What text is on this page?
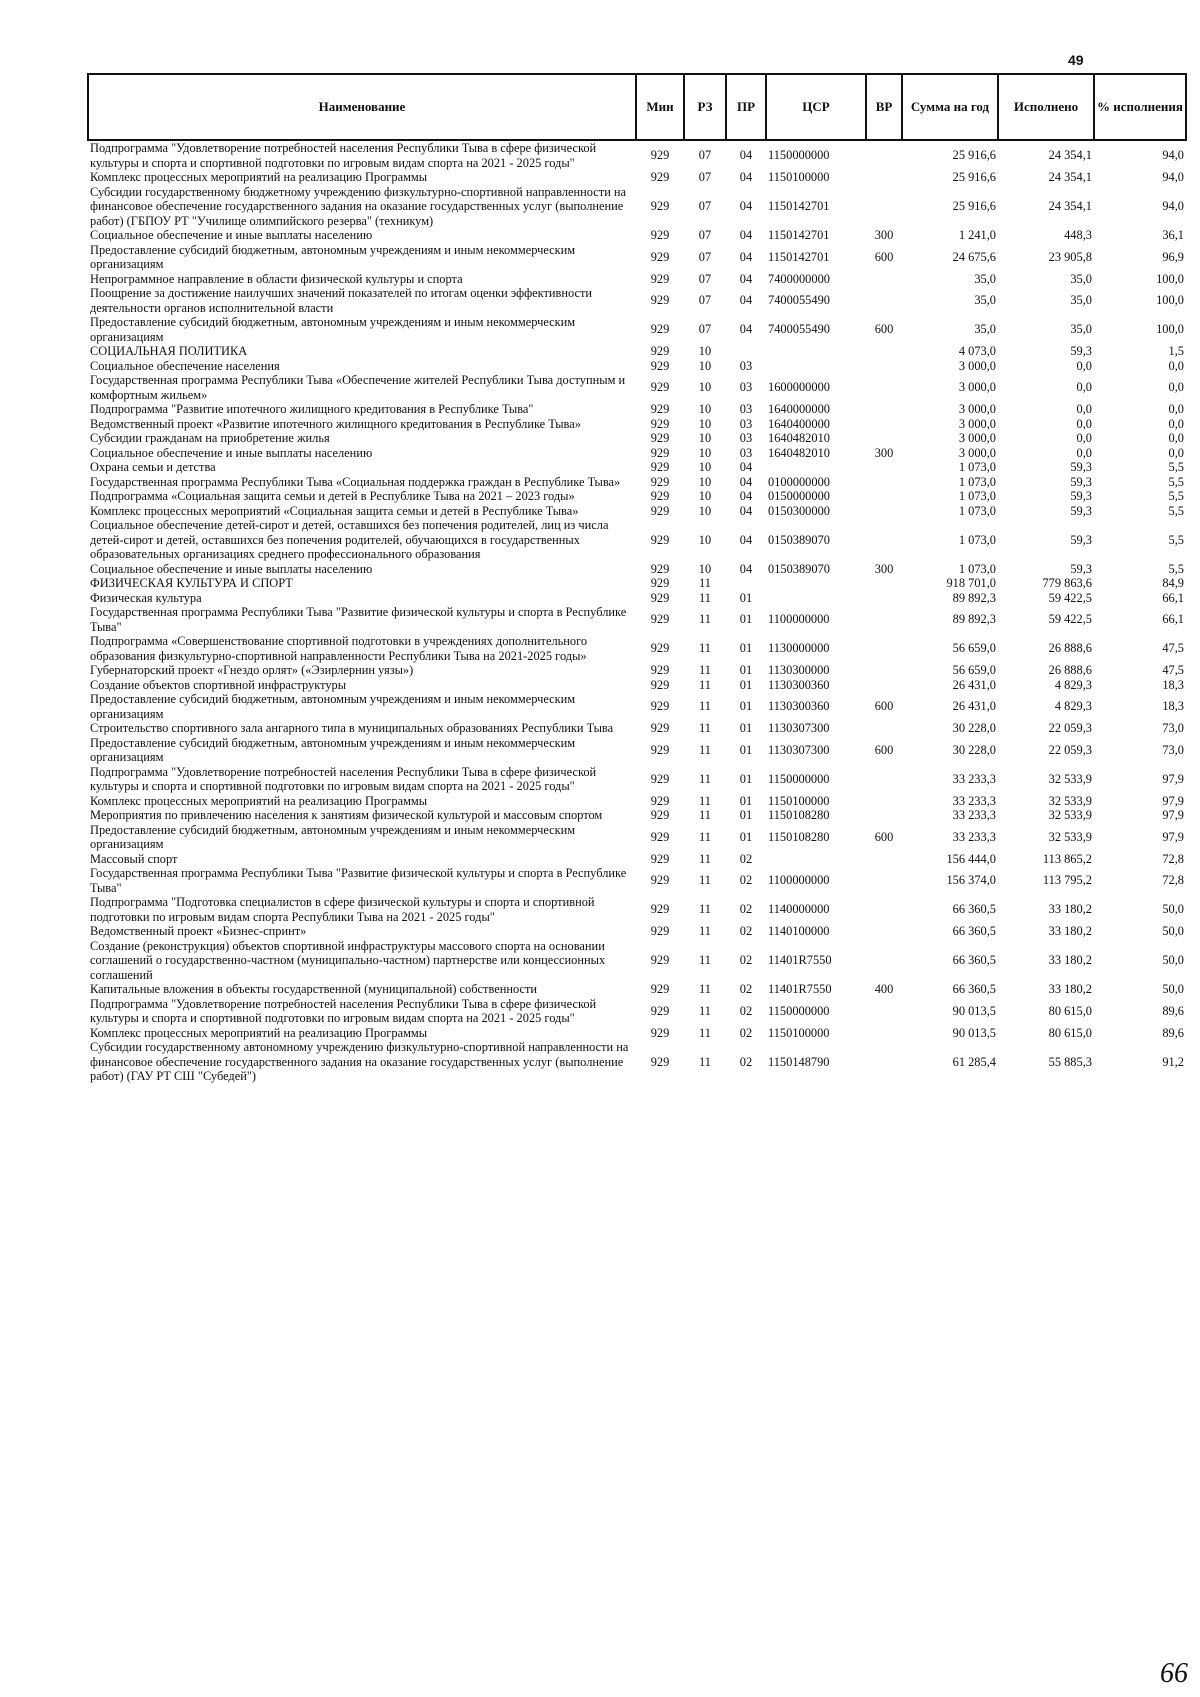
49
Наименование	Мин	РЗ	ПР	ЦСР	ВР	Сумма на год	Исполнено	% исполнения
Подпрограмма "Удовлетворение потребностей населения Республики Тыва в сфере физической культуры и спорта и спортивной подготовки по игровым видам спорта на 2021 - 2025 годы"	929	07	04	1150000000		25 916,6	24 354,1	94,0
Комплекс процессных мероприятий на реализацию Программы	929	07	04	1150100000		25 916,6	24 354,1	94,0
Субсидии государственному бюджетному учреждению физкультурно-спортивной направленности на финансовое обеспечение государственного задания на оказание государственных услуг (выполнение работ) (ГБПОУ РТ "Училище олимпийского резерва" (техникум)	929	07	04	1150142701		25 916,6	24 354,1	94,0
Социальное обеспечение и иные выплаты населению	929	07	04	1150142701	300	1 241,0	448,3	36,1
Предоставление субсидий бюджетным, автономным учреждениям и иным некоммерческим организациям	929	07	04	1150142701	600	24 675,6	23 905,8	96,9
Непрограммное направление в области физической культуры и спорта	929	07	04	7400000000		35,0	35,0	100,0
Поощрение за достижение наилучших значений показателей по итогам оценки эффективности деятельности органов исполнительной власти	929	07	04	7400055490		35,0	35,0	100,0
Предоставление субсидий бюджетным, автономным учреждениям и иным некоммерческим организациям	929	07	04	7400055490	600	35,0	35,0	100,0
СОЦИАЛЬНАЯ ПОЛИТИКА	929	10				4 073,0	59,3	1,5
Социальное обеспечение населения	929	10	03			3 000,0	0,0	0,0
Государственная программа Республики Тыва «Обеспечение жителей Республики Тыва доступным и комфортным жильем»	929	10	03	1600000000		3 000,0	0,0	0,0
Подпрограмма "Развитие ипотечного жилищного кредитования в Республике Тыва"	929	10	03	1640000000		3 000,0	0,0	0,0
Ведомственный проект «Развитие ипотечного жилищного кредитования в Республике Тыва»	929	10	03	1640400000		3 000,0	0,0	0,0
Субсидии гражданам на приобретение жилья	929	10	03	1640482010		3 000,0	0,0	0,0
Социальное обеспечение и иные выплаты населению	929	10	03	1640482010	300	3 000,0	0,0	0,0
Охрана семьи и детства	929	10	04			1 073,0	59,3	5,5
Государственная программа Республики Тыва «Социальная поддержка граждан в Республике Тыва»	929	10	04	0100000000		1 073,0	59,3	5,5
Подпрограмма «Социальная защита семьи и детей в Республике Тыва на 2021 – 2023 годы»	929	10	04	0150000000		1 073,0	59,3	5,5
Комплекс процессных мероприятий «Социальная защита семьи и детей в Республике Тыва»	929	10	04	0150300000		1 073,0	59,3	5,5
Социальное обеспечение детей-сирот и детей, оставшихся без попечения родителей, лиц из числа детей-сирот и детей, оставшихся без попечения родителей, обучающихся в государственных образовательных организациях среднего профессионального образования	929	10	04	0150389070		1 073,0	59,3	5,5
Социальное обеспечение и иные выплаты населению	929	10	04	0150389070	300	1 073,0	59,3	5,5
ФИЗИЧЕСКАЯ КУЛЬТУРА И СПОРТ	929	11				918 701,0	779 863,6	84,9
Физическая культура	929	11	01			89 892,3	59 422,5	66,1
Государственная программа Республики Тыва "Развитие физической культуры и спорта в Республике Тыва"	929	11	01	1100000000		89 892,3	59 422,5	66,1
Подпрограмма «Совершенствование спортивной подготовки в учреждениях дополнительного образования физкультурно-спортивной направленности Республики Тыва на 2021-2025 годы»	929	11	01	1130000000		56 659,0	26 888,6	47,5
Губернаторский проект «Гнездо орлят» («Эзирлернин уязы»)	929	11	01	1130300000		56 659,0	26 888,6	47,5
Создание объектов спортивной инфраструктуры	929	11	01	1130300360		26 431,0	4 829,3	18,3
Предоставление субсидий бюджетным, автономным учреждениям и иным некоммерческим организациям	929	11	01	1130300360	600	26 431,0	4 829,3	18,3
Строительство спортивного зала ангарного типа в муниципальных образованиях Республики Тыва	929	11	01	1130307300		30 228,0	22 059,3	73,0
Предоставление субсидий бюджетным, автономным учреждениям и иным некоммерческим организациям	929	11	01	1130307300	600	30 228,0	22 059,3	73,0
Подпрограмма "Удовлетворение потребностей населения Республики Тыва в сфере физической культуры и спорта и спортивной подготовки по игровым видам спорта на 2021 - 2025 годы"	929	11	01	1150000000		33 233,3	32 533,9	97,9
Комплекс процессных мероприятий на реализацию Программы	929	11	01	1150100000		33 233,3	32 533,9	97,9
Мероприятия по привлечению населения к занятиям физической культурой и массовым спортом	929	11	01	1150108280		33 233,3	32 533,9	97,9
Предоставление субсидий бюджетным, автономным учреждениям и иным некоммерческим организациям	929	11	01	1150108280	600	33 233,3	32 533,9	97,9
Массовый спорт	929	11	02			156 444,0	113 865,2	72,8
Государственная программа Республики Тыва "Развитие физической культуры и спорта в Республике Тыва"	929	11	02	1100000000		156 374,0	113 795,2	72,8
Подпрограмма "Подготовка специалистов в сфере физической культуры и спорта и спортивной подготовки по игровым видам спорта Республики Тыва на 2021 - 2025 годы"	929	11	02	1140000000		66 360,5	33 180,2	50,0
Ведомственный проект «Бизнес-спринт»	929	11	02	1140100000		66 360,5	33 180,2	50,0
Создание (реконструкция) объектов спортивной инфраструктуры массового спорта на основании соглашений о государственно-частном (муниципально-частном) партнерстве или концессионных соглашений	929	11	02	11401R7550		66 360,5	33 180,2	50,0
Капитальные вложения в объекты государственной (муниципальной) собственности	929	11	02	11401R7550	400	66 360,5	33 180,2	50,0
Подпрограмма "Удовлетворение потребностей населения Республики Тыва в сфере физической культуры и спорта и спортивной подготовки по игровым видам спорта на 2021 - 2025 годы"	929	11	02	1150000000		90 013,5	80 615,0	89,6
Комплекс процессных мероприятий на реализацию Программы	929	11	02	1150100000		90 013,5	80 615,0	89,6
Субсидии государственному автономному учреждению физкультурно-спортивной направленности на финансовое обеспечение государственного задания на оказание государственных услуг (выполнение работ) (ГАУ РТ СШ "Субедей")	929	11	02	1150148790		61 285,4	55 885,3	91,2
66
